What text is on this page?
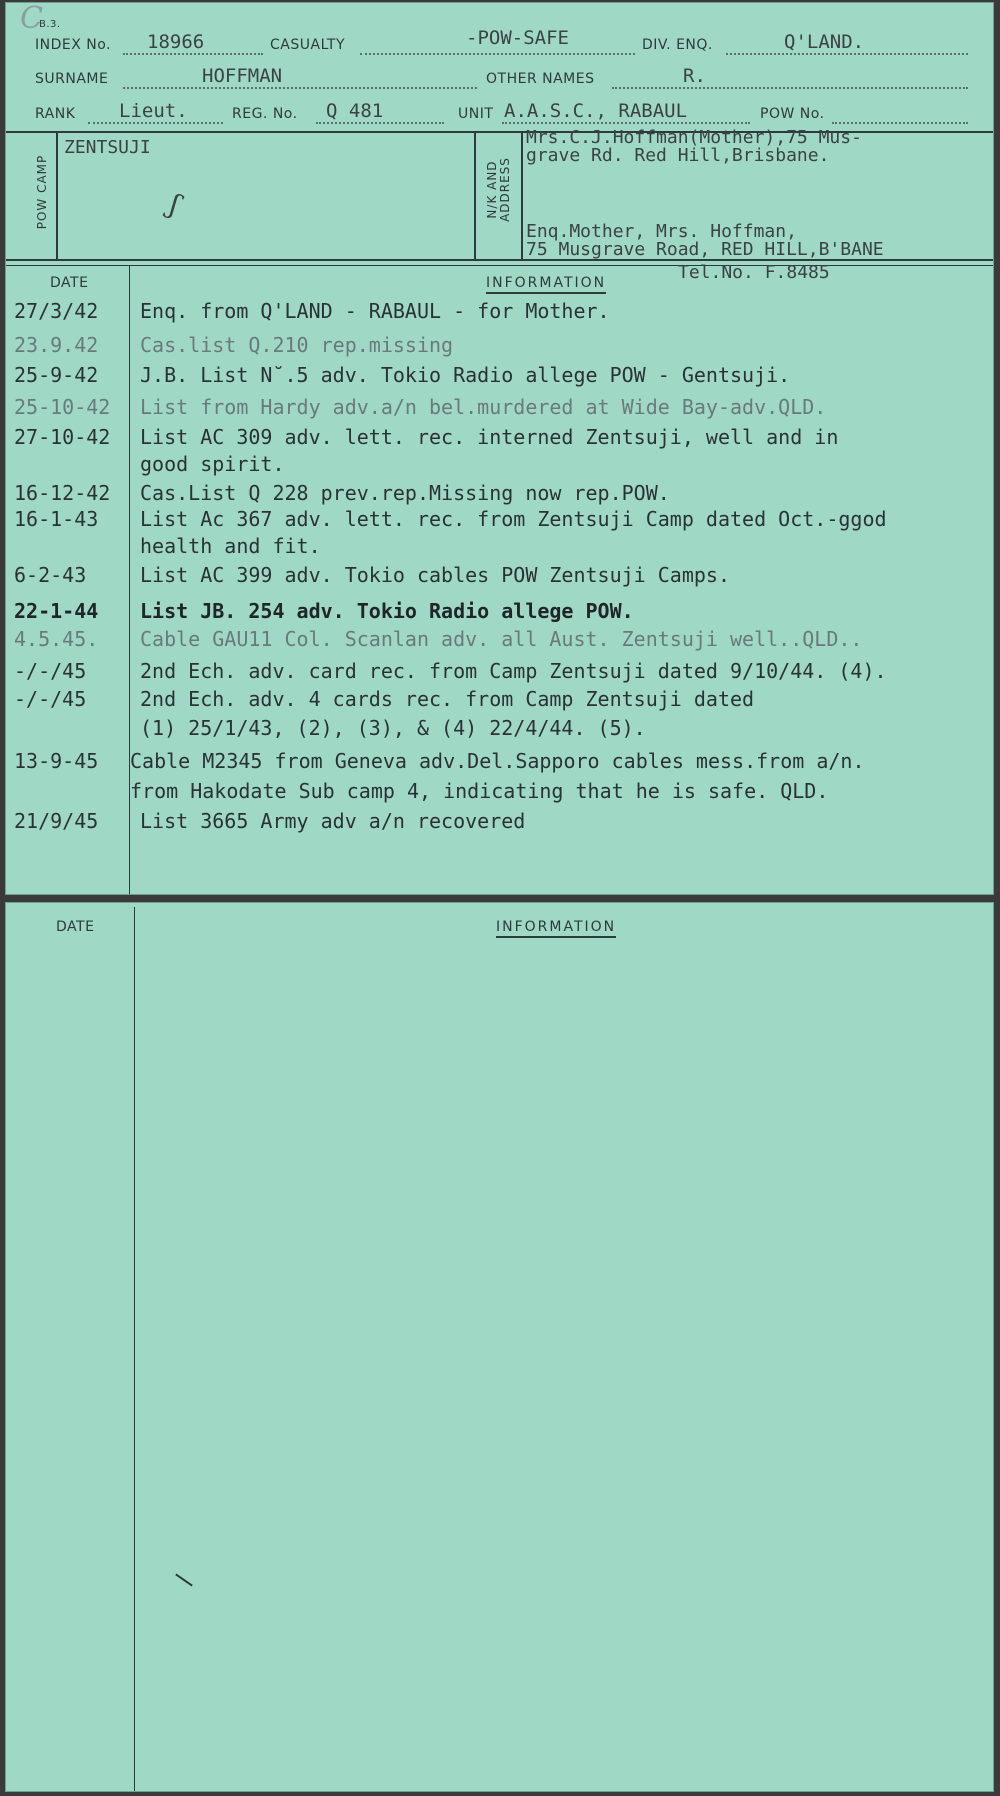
C
B.3.
INDEX No. 18966	CASUALTY	-POW-SAFE	DIV. ENQ.	Q'LAND.
SURNAME	HOFFMAN	OTHER NAMES	R.
RANK Lieut.	REG. No. Q 481	UNIT A.A.S.C., RABAUL	POW No.
POW CAMP
ZENTSUJI
ʃ	N/K AND ADDRESS
Mrs.C.J.Hoffman(Mother),75 Mus-
grave Rd. Red Hill,Brisbane.
Enq.Mother, Mrs. Hoffman,
75 Musgrave Road, RED HILL,B'BANE
Tel.No. F.8485
DATE	INFORMATION
27/3/42	Enq. from Q'LAND - RABAUL - for Mother.
23.9.42	Cas.list Q.210 rep.missing
25-9-42	J.B. List N˘.5 adv. Tokio Radio allege POW - Gentsuji.
25-10-42	List from Hardy adv.a/n bel.murdered at Wide Bay-adv.QLD.
27-10-42	List AC 309 adv. lett. rec. interned Zentsuji, well and in
good spirit.
16-12-42	Cas.List Q 228 prev.rep.Missing now rep.POW.
16-1-43	List Ac 367 adv. lett. rec. from Zentsuji Camp dated Oct.-ggod
health and fit.
6-2-43	List AC 399 adv. Tokio cables POW Zentsuji Camps.
22-1-44	List JB. 254 adv. Tokio Radio allege POW.
4.5.45.	Cable GAU11 Col. Scanlan adv. all Aust. Zentsuji well..QLD..
-/-/45	2nd Ech. adv. card rec. from Camp Zentsuji dated 9/10/44. (4).
-/-/45	2nd Ech. adv. 4 cards rec. from Camp Zentsuji dated
(1) 25/1/43, (2), (3), & (4) 22/4/44. (5).
13-9-45	Cable M2345 from Geneva adv.Del.Sapporo cables mess.from a/n.
from Hakodate Sub camp 4, indicating that he is safe. QLD.
21/9/45	List 3665 Army adv a/n recovered
DATE	INFORMATION
